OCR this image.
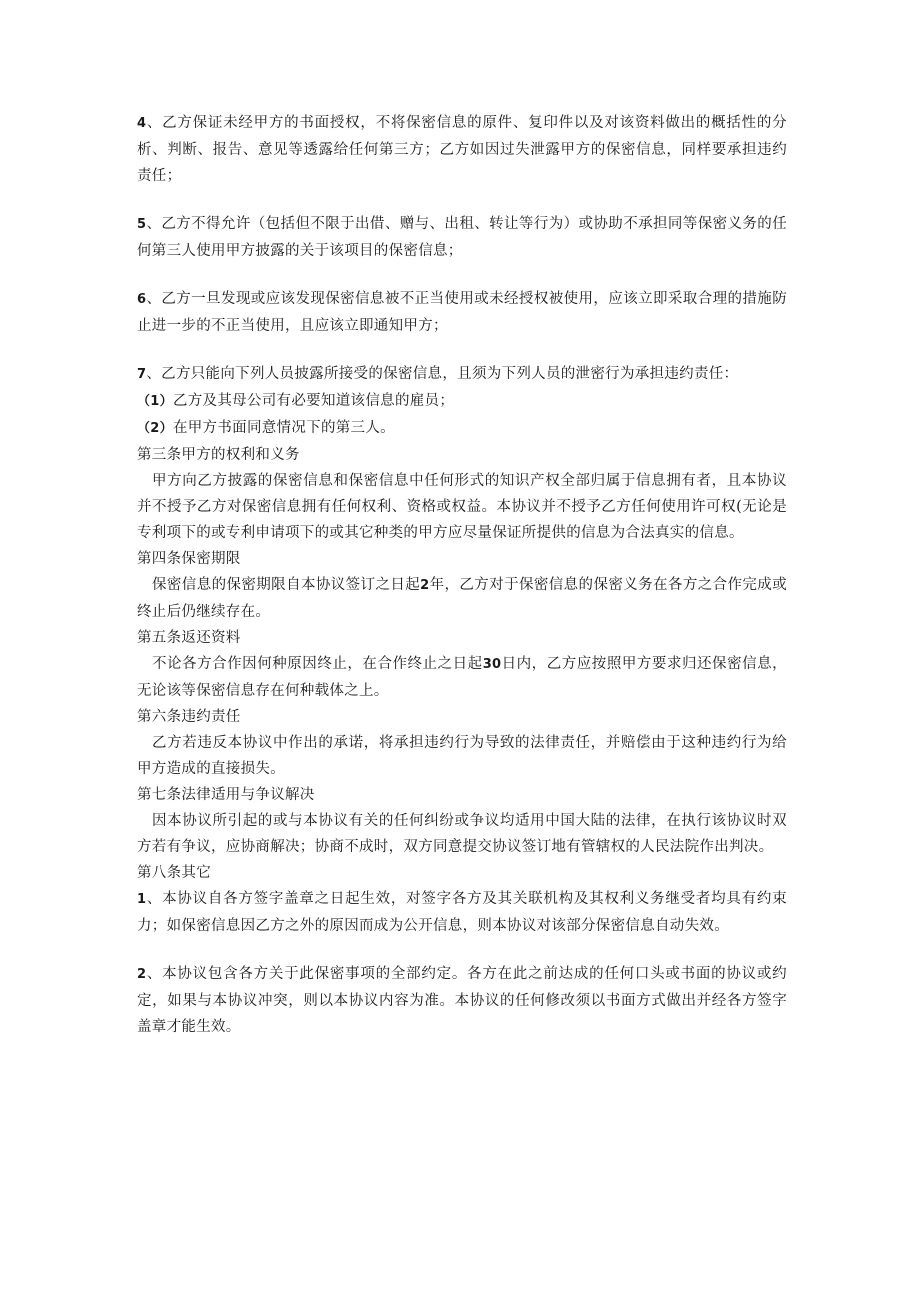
4、乙方保证未经甲方的书面授权，不将保密信息的原件、复印件以及对该资料做出的概括性的分析、判断、报告、意见等透露给任何第三方；乙方如因过失泄露甲方的保密信息，同样要承担违约责任；

5、乙方不得允许（包括但不限于出借、赠与、出租、转让等行为）或协助不承担同等保密义务的任何第三人使用甲方披露的关于该项目的保密信息；

6、乙方一旦发现或应该发现保密信息被不正当使用或未经授权被使用，应该立即采取合理的措施防止进一步的不正当使用，且应该立即通知甲方；

7、乙方只能向下列人员披露所接受的保密信息，且须为下列人员的泄密行为承担违约责任：

（1）乙方及其母公司有必要知道该信息的雇员；

（2）在甲方书面同意情况下的第三人。

第三条甲方的权利和义务

甲方向乙方披露的保密信息和保密信息中任何形式的知识产权全部归属于信息拥有者，且本协议并不授予乙方对保密信息拥有任何权利、资格或权益。本协议并不授予乙方任何使用许可权(无论是专利项下的或专利申请项下的或其它种类的甲方应尽量保证所提供的信息为合法真实的信息。

第四条保密期限

保密信息的保密期限自本协议签订之日起2年，乙方对于保密信息的保密义务在各方之合作完成或终止后仍继续存在。

第五条返还资料

不论各方合作因何种原因终止，在合作终止之日起30日内，乙方应按照甲方要求归还保密信息，无论该等保密信息存在何种载体之上。

第六条违约责任

乙方若违反本协议中作出的承诺，将承担违约行为导致的法律责任，并赔偿由于这种违约行为给甲方造成的直接损失。

第七条法律适用与争议解决

因本协议所引起的或与本协议有关的任何纠纷或争议均适用中国大陆的法律，在执行该协议时双方若有争议，应协商解决；协商不成时，双方同意提交协议签订地有管辖权的人民法院作出判决。

第八条其它

1、本协议自各方签字盖章之日起生效，对签字各方及其关联机构及其权利义务继受者均具有约束力；如保密信息因乙方之外的原因而成为公开信息，则本协议对该部分保密信息自动失效。

2、本协议包含各方关于此保密事项的全部约定。各方在此之前达成的任何口头或书面的协议或约定，如果与本协议冲突，则以本协议内容为准。本协议的任何修改须以书面方式做出并经各方签字盖章才能生效。
